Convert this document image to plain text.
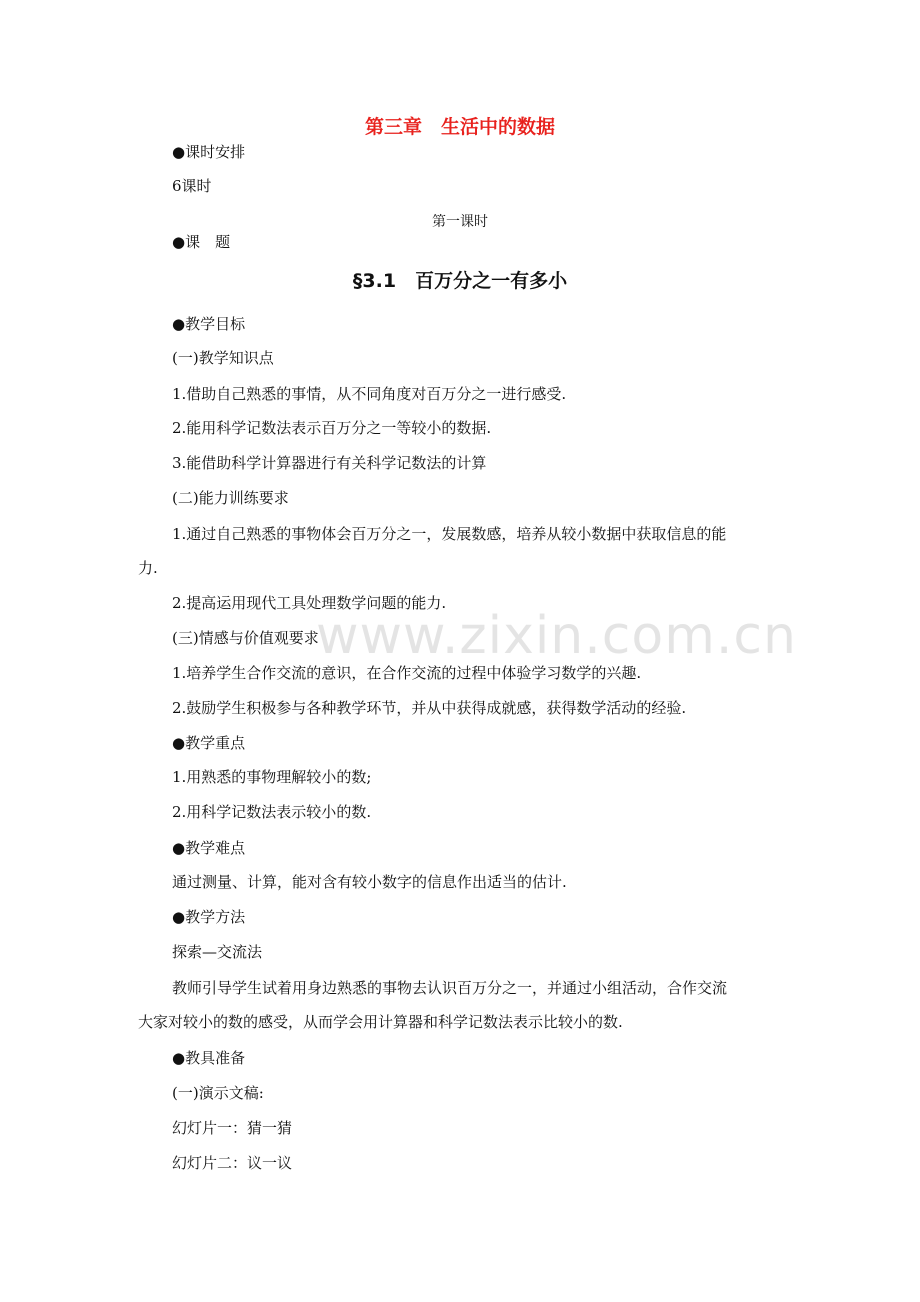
第三章　生活中的数据
●课时安排
6课时
第一课时
●课　题
§3.1　百万分之一有多小
●教学目标
(一)教学知识点
1.借助自己熟悉的事情，从不同角度对百万分之一进行感受.
2.能用科学记数法表示百万分之一等较小的数据.
3.能借助科学计算器进行有关科学记数法的计算
(二)能力训练要求
1.通过自己熟悉的事物体会百万分之一，发展数感，培养从较小数据中获取信息的能
力.
2.提高运用现代工具处理数学问题的能力.
(三)情感与价值观要求
1.培养学生合作交流的意识，在合作交流的过程中体验学习数学的兴趣.
2.鼓励学生积极参与各种教学环节，并从中获得成就感，获得数学活动的经验.
●教学重点
1.用熟悉的事物理解较小的数;
2.用科学记数法表示较小的数.
●教学难点
通过测量、计算，能对含有较小数字的信息作出适当的估计.
●教学方法
探索—交流法
教师引导学生试着用身边熟悉的事物去认识百万分之一，并通过小组活动，合作交流
大家对较小的数的感受，从而学会用计算器和科学记数法表示比较小的数.
●教具准备
(一)演示文稿:
幻灯片一：猜一猜
幻灯片二：议一议
www.zixin.com.cn
